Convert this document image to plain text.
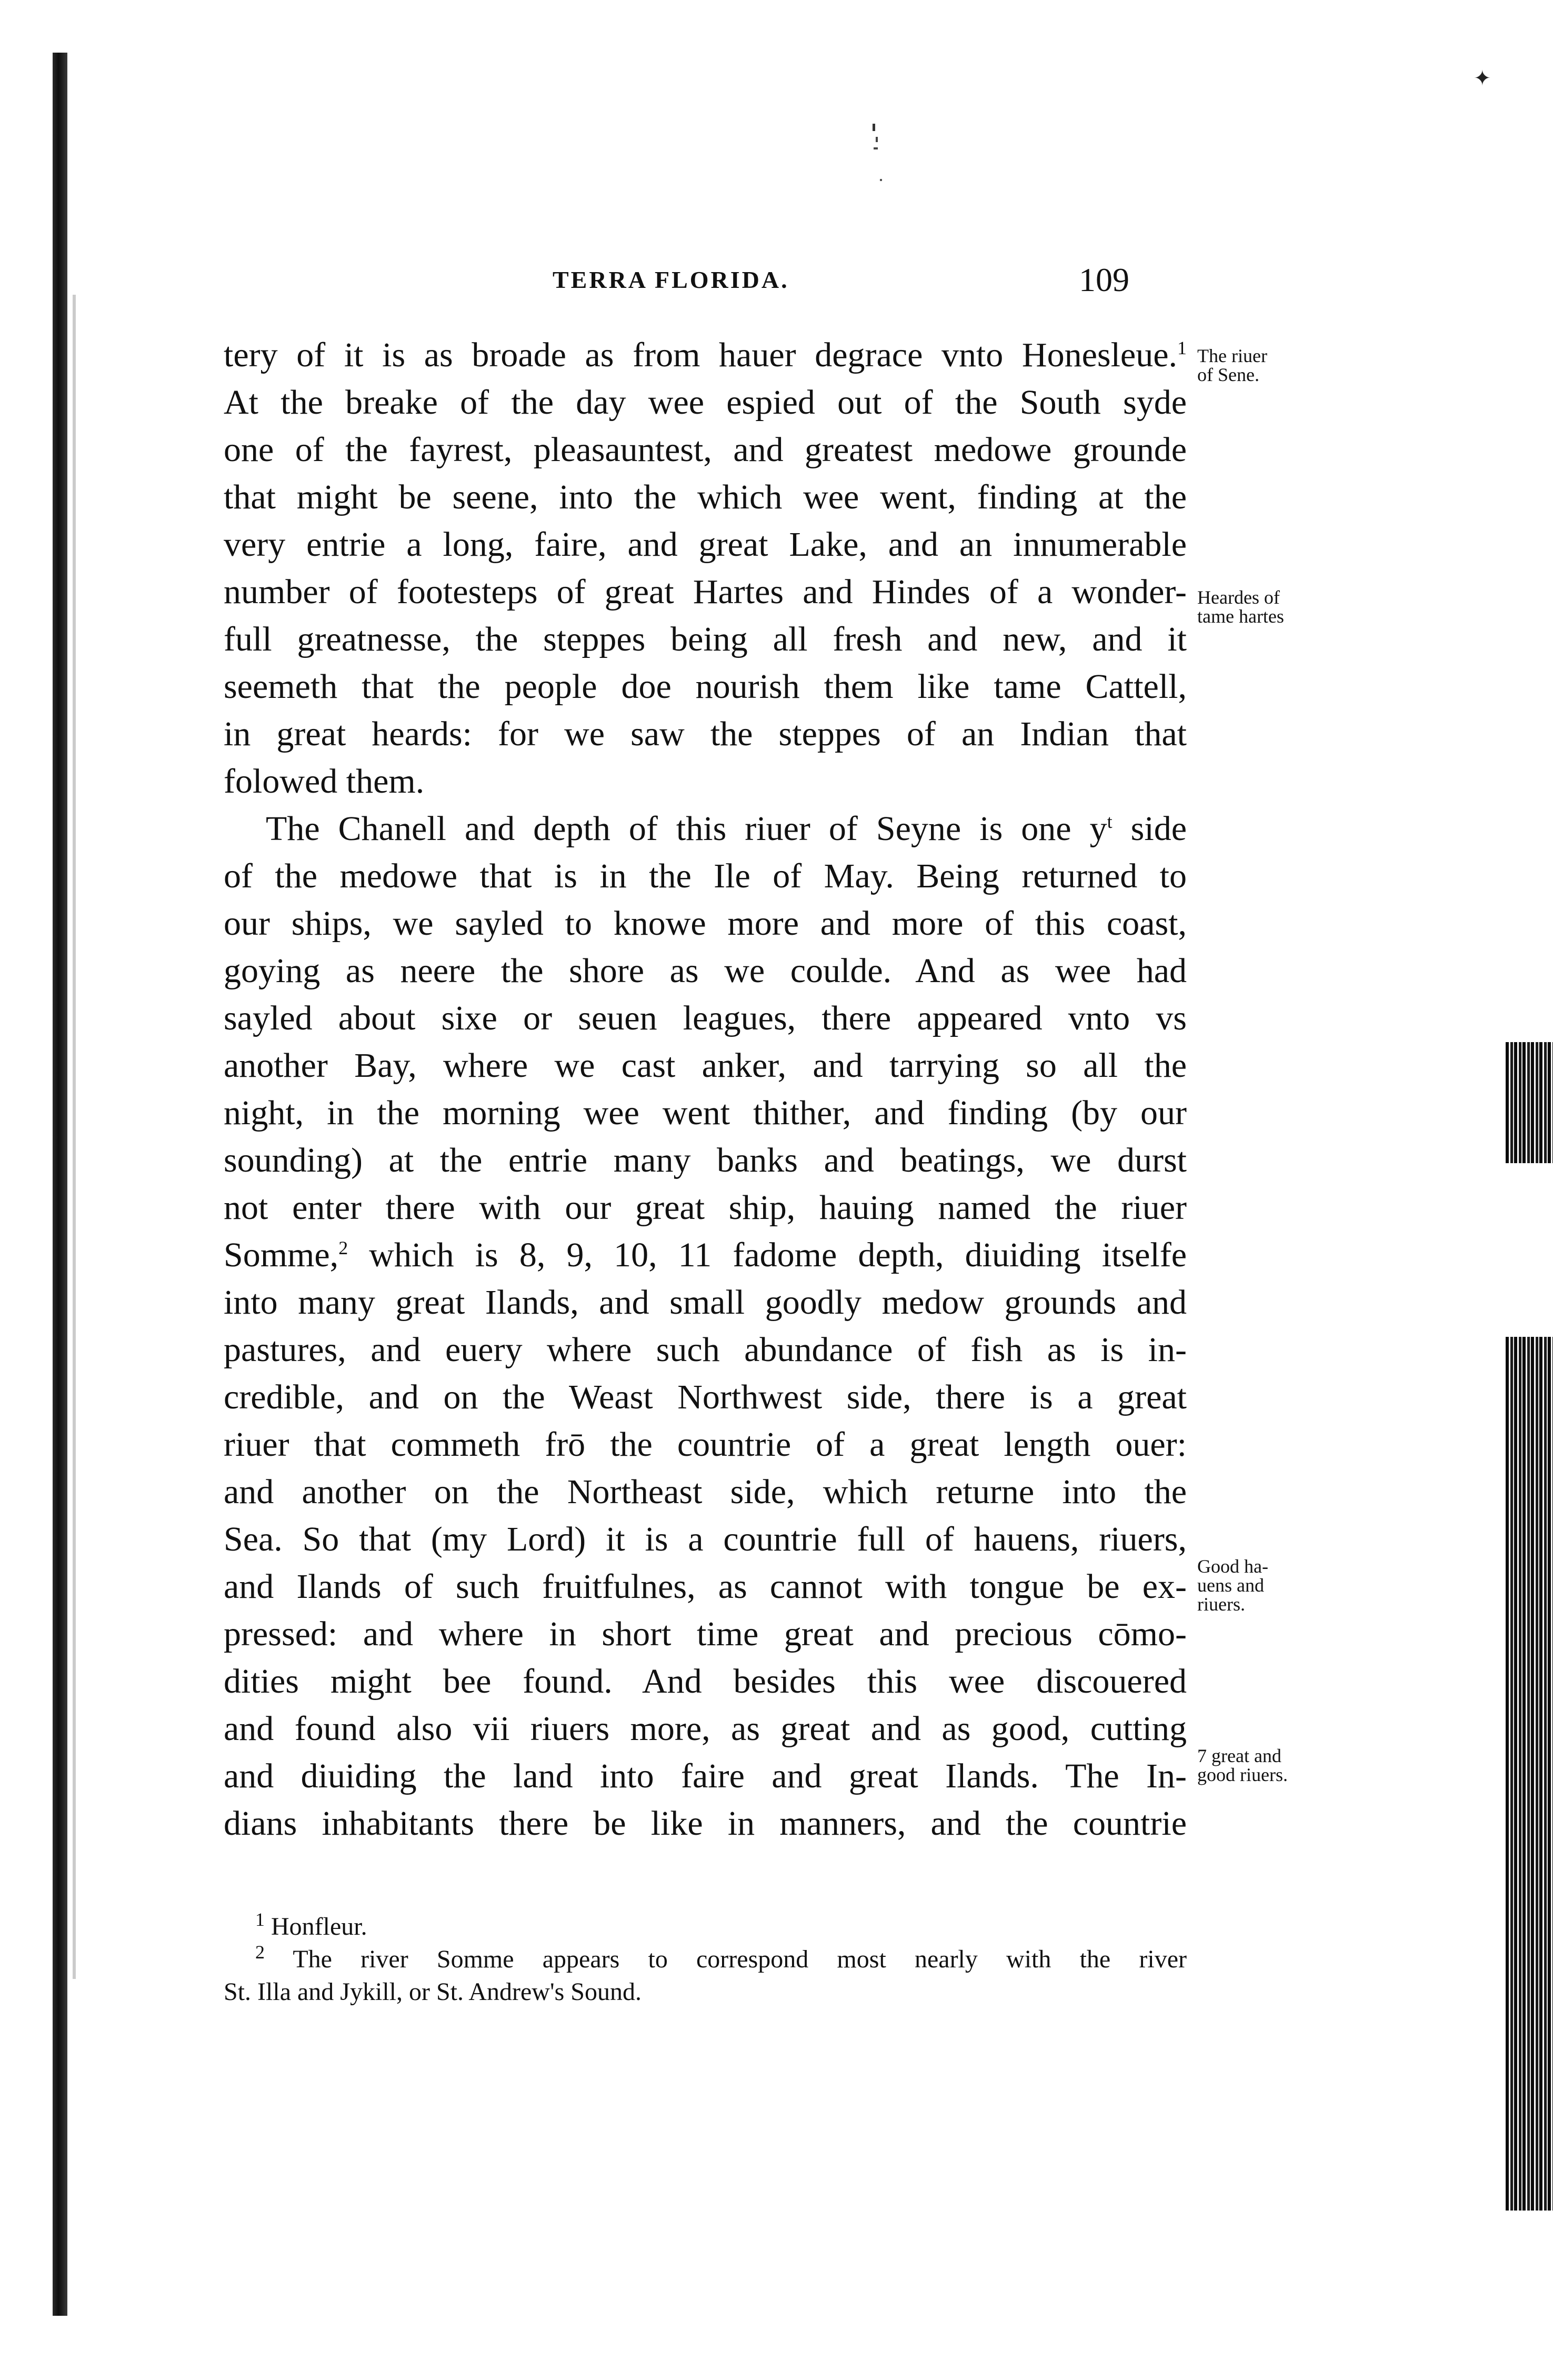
✦
TERRA FLORIDA.	109
tery of it is as broade as from hauer degrace vnto Honesleue.$^1$
At the breake of the day wee espied out of the South syde
one of the fayrest, pleasauntest, and greatest medowe grounde
that might be seene, into the which wee went, finding at the
very entrie a long, faire, and great Lake, and an innumerable
number of footesteps of great Hartes and Hindes of a wonder-
full greatnesse, the steppes being all fresh and new, and it
seemeth that the people doe nourish them like tame Cattell,
in great heards: for we saw the steppes of an Indian that
folowed them.
The Chanell and depth of this riuer of Seyne is one $y^t$ side
of the medowe that is in the Ile of May. Being returned to
our ships, we sayled to knowe more and more of this coast,
goying as neere the shore as we coulde. And as wee had
sayled about sixe or seuen leagues, there appeared vnto vs
another Bay, where we cast anker, and tarrying so all the
night, in the morning wee went thither, and finding (by our
sounding) at the entrie many banks and beatings, we durst
not enter there with our great ship, hauing named the riuer
Somme,$^2$ which is 8, 9, 10, 11 fadome depth, diuiding itselfe
into many great Ilands, and small goodly medow grounds and
pastures, and euery where such abundance of fish as is in-
credible, and on the Weast Northwest side, there is a great
riuer that commeth frō the countrie of a great length ouer:
and another on the Northeast side, which returne into the
Sea. So that (my Lord) it is a countrie full of hauens, riuers,
and Ilands of such fruitfulnes, as cannot with tongue be ex-
pressed: and where in short time great and precious cōmo-
dities might bee found. And besides this wee discouered
and found also vii riuers more, as great and as good, cutting
and diuiding the land into faire and great Ilands. The In-
dians inhabitants there be like in manners, and the countrie
The riuer
of Sene.
Heardes of
tame hartes
Good ha-
uens and
riuers.
7 great and
good riuers.
$^1$ Honfleur.
$^2$ The river Somme appears to correspond most nearly with the river
St. Illa and Jykill, or St. Andrew's Sound.
